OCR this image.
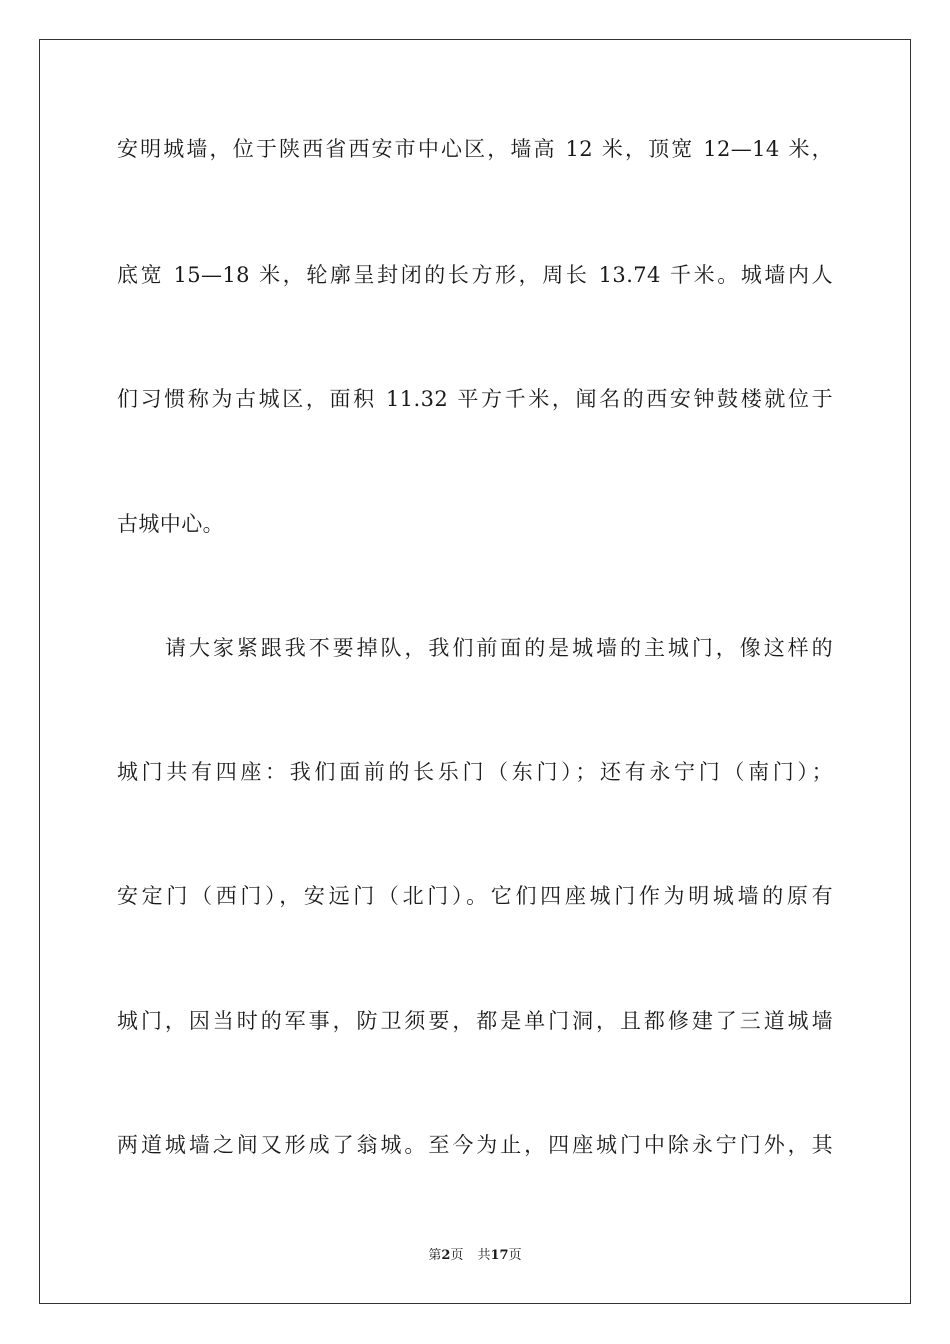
安明城墙，位于陕西省西安市中心区，墙高 12 米，顶宽 12—14 米，
底宽 15—18 米，轮廓呈封闭的长方形，周长 13.74 千米。城墙内人
们习惯称为古城区，面积 11.32 平方千米，闻名的西安钟鼓楼就位于
古城中心。
请大家紧跟我不要掉队，我们前面的是城墙的主城门，像这样的
城门共有四座：我们面前的长乐门（东门）；还有永宁门（南门）；
安定门（西门），安远门（北门）。它们四座城门作为明城墙的原有
城门，因当时的军事，防卫须要，都是单门洞，且都修建了三道城墙
两道城墙之间又形成了翁城。至今为止，四座城门中除永宁门外，其
第2页 共17页
